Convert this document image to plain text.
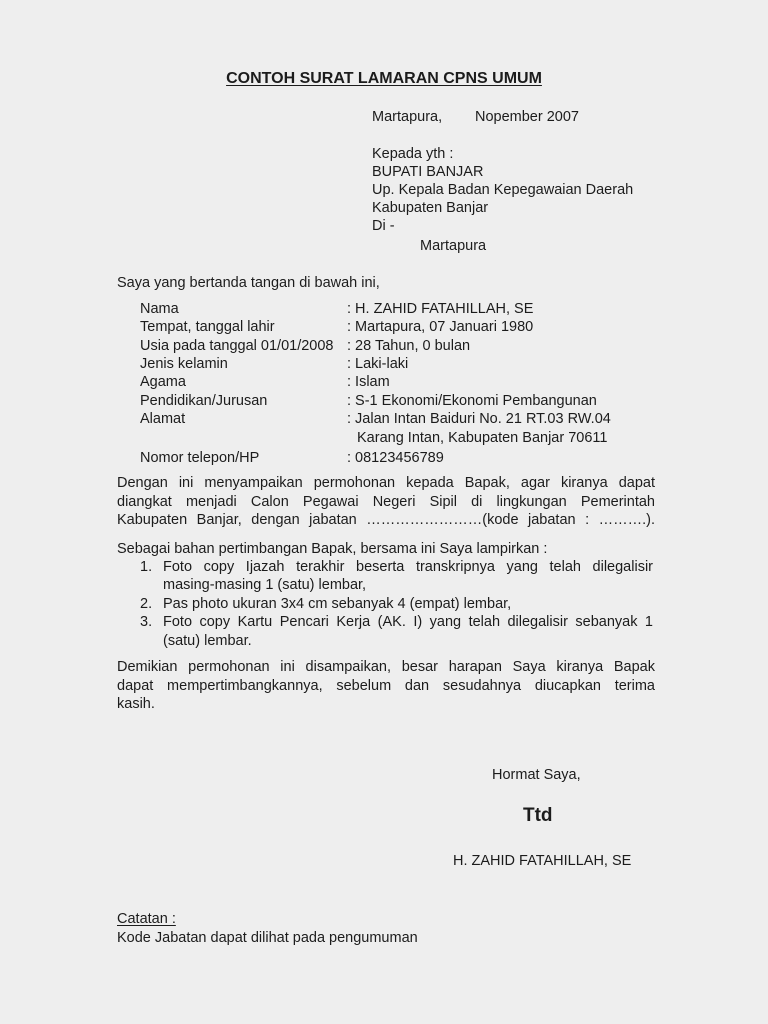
CONTOH SURAT LAMARAN CPNS UMUM
Martapura, Nopember 2007
Kepada yth :
BUPATI BANJAR
Up. Kepala Badan Kepegawaian Daerah
Kabupaten Banjar
Di -
Martapura
Saya yang bertanda tangan di bawah ini,
Nama	: H. ZAHID FATAHILLAH, SE
Tempat, tanggal lahir	: Martapura, 07 Januari 1980
Usia pada tanggal 01/01/2008 : 28 Tahun, 0 bulan
Jenis kelamin	: Laki-laki
Agama	: Islam
Pendidikan/Jurusan	: S-1 Ekonomi/Ekonomi Pembangunan
Alamat	: Jalan Intan Baiduri No. 21 RT.03 RW.04
Karang Intan, Kabupaten Banjar 70611
Nomor telepon/HP	: 08123456789
Dengan ini menyampaikan permohonan kepada Bapak, agar kiranya dapat
diangkat menjadi Calon Pegawai Negeri Sipil di lingkungan Pemerintah
Kabupaten Banjar, dengan jabatan ……………………(kode jabatan : ……….).
Sebagai bahan pertimbangan Bapak, bersama ini Saya lampirkan :
1. Foto copy Ijazah terakhir beserta transkripnya yang telah dilegalisir
masing-masing 1 (satu) lembar,
2. Pas photo ukuran 3x4 cm sebanyak 4 (empat) lembar,
3. Foto copy Kartu Pencari Kerja (AK. I) yang telah dilegalisir sebanyak 1
(satu) lembar.
Demikian permohonan ini disampaikan, besar harapan Saya kiranya Bapak
dapat mempertimbangkannya, sebelum dan sesudahnya diucapkan terima
kasih.
Hormat Saya,
Ttd
H. ZAHID FATAHILLAH, SE
Catatan :
Kode Jabatan dapat dilihat pada pengumuman
